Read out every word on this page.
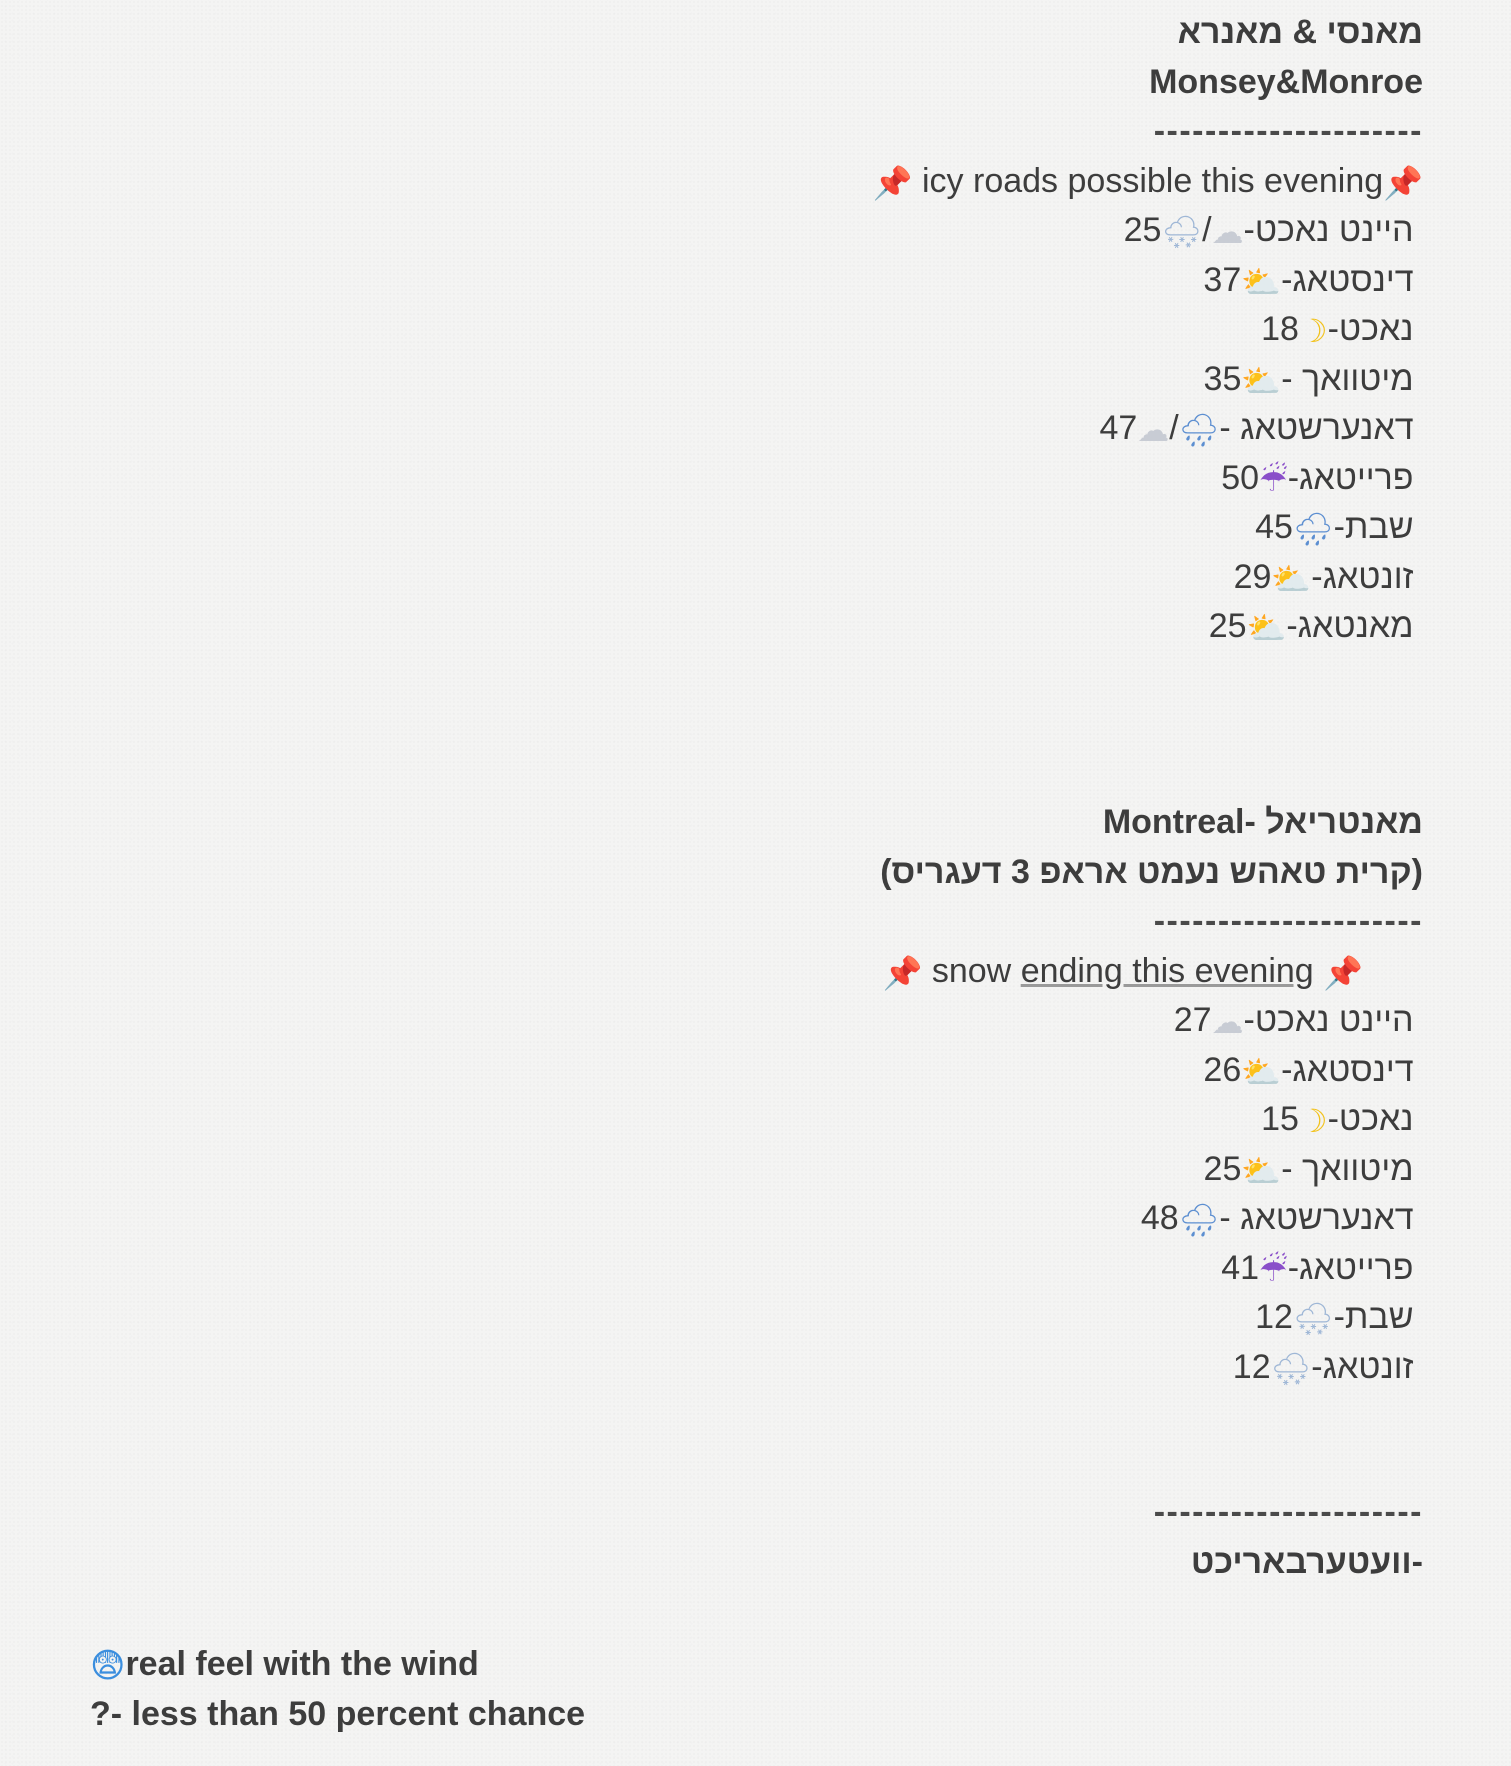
מאנסי & מאנרא
Monsey&Monroe
---------------------
📌 icy roads possible this evening📌
25🌨/☁ היינט נאכט-
37⛅ דינסטאג-
18☽ נאכט-
35⛅ מיטוואך -
47☁/🌧 דאנערשטאג -
50☔ פרייטאג-
45🌧 שבת-
29⛅ זונטאג-
25⛅ מאנטאג-
Montreal- מאנטריאל
(קרית טאהש נעמט אראפ 3 דעגריס)
---------------------
📌 snow ending this evening 📌
27☁ היינט נאכט-
26⛅ דינסטאג-
15☽ נאכט-
25⛅ מיטוואך -
48🌧 דאנערשטאג -
41☔ פרייטאג-
12🌨 שבת-
12🌨 זונטאג-
---------------------
-וועטערבאריכט
😨real feel with the wind
?- less than 50 percent chance
